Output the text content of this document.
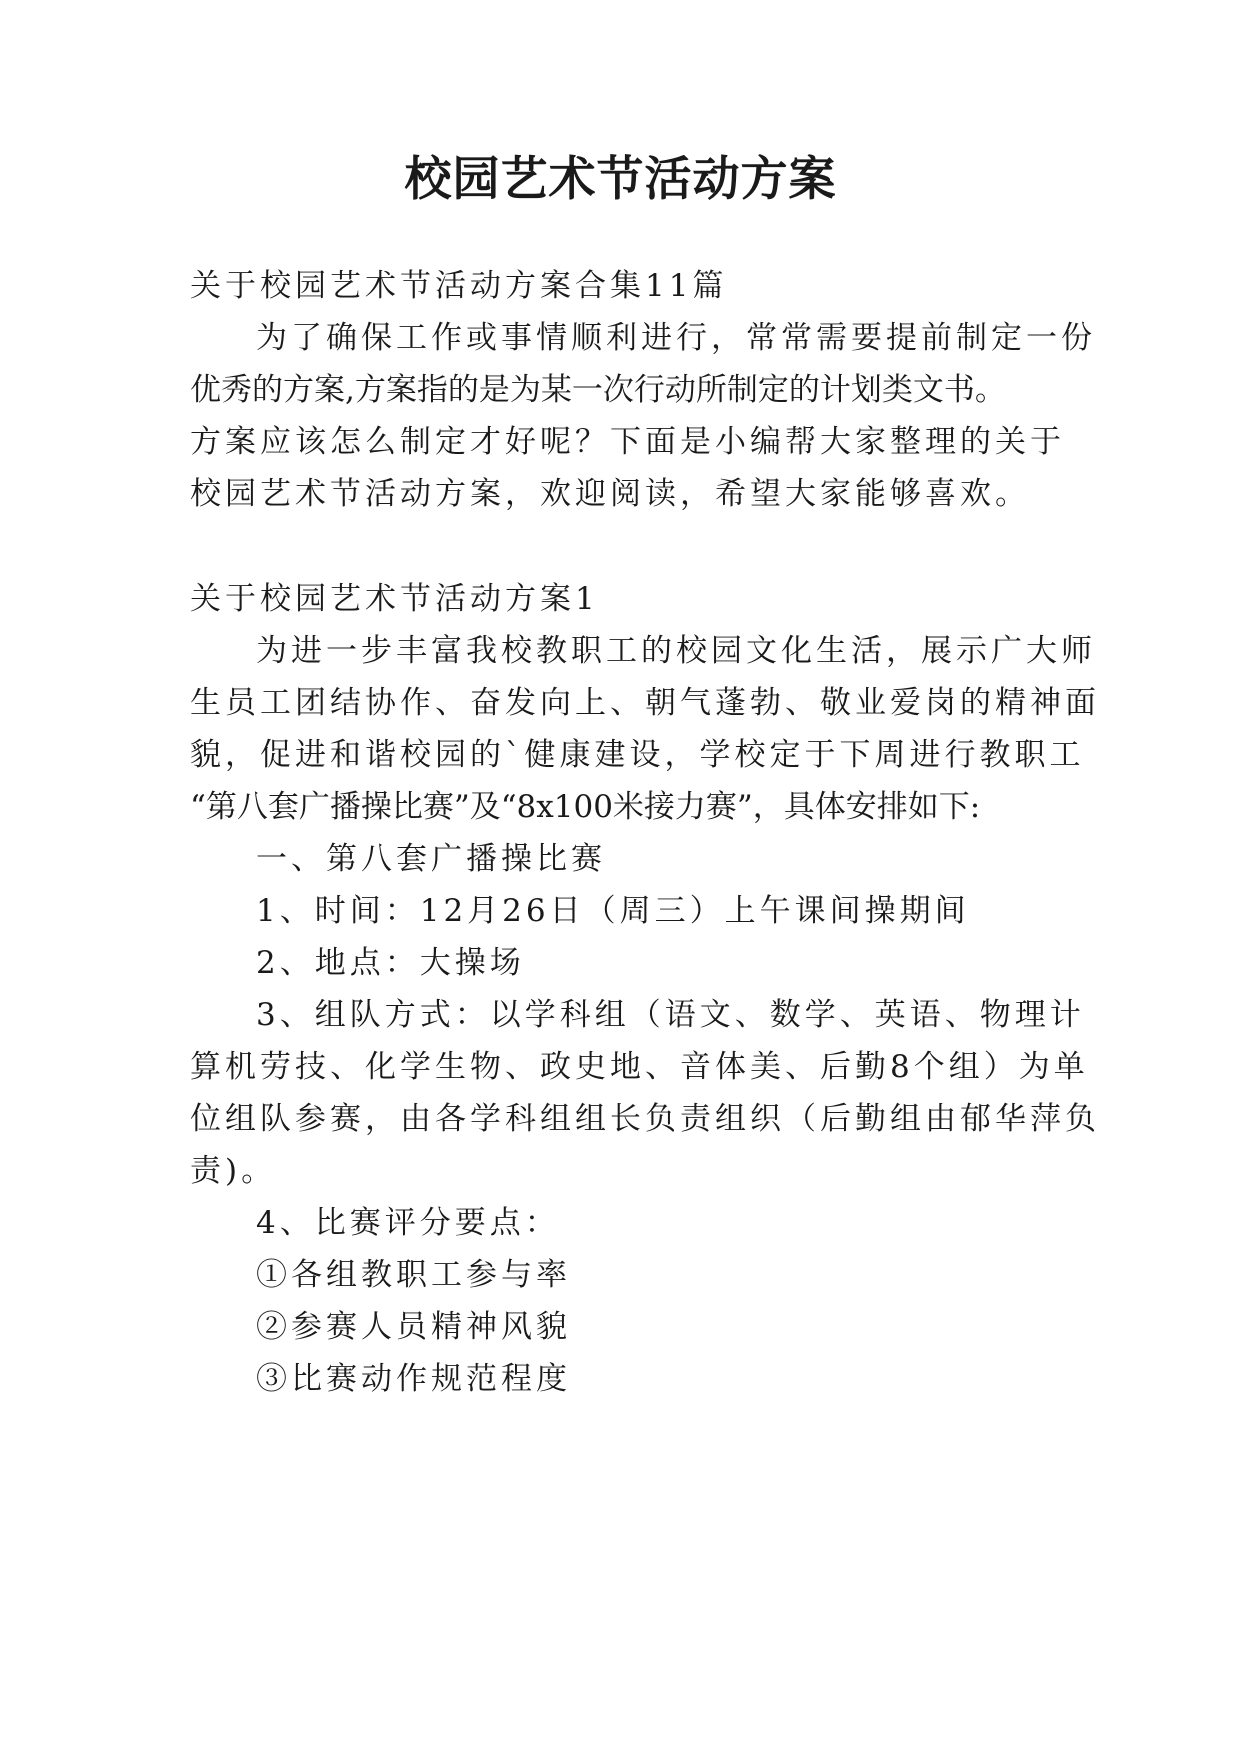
校园艺术节活动方案

关于校园艺术节活动方案合集11篇

为了确保工作或事情顺利进行，常常需要提前制定一份

优秀的方案,方案指的是为某一次行动所制定的计划类文书。

方案应该怎么制定才好呢？下面是小编帮大家整理的关于

校园艺术节活动方案，欢迎阅读，希望大家能够喜欢。

关于校园艺术节活动方案1

为进一步丰富我校教职工的校园文化生活，展示广大师

生员工团结协作、奋发向上、朝气蓬勃、敬业爱岗的精神面

貌，促进和谐校园的`健康建设，学校定于下周进行教职工

“第八套广播操比赛”及“8x100米接力赛”，具体安排如下:

一、第八套广播操比赛

1、时间：12月26日（周三）上午课间操期间

2、地点：大操场

3、组队方式：以学科组（语文、数学、英语、物理计

算机劳技、化学生物、政史地、音体美、后勤8个组）为单

位组队参赛，由各学科组组长负责组织（后勤组由郁华萍负

责)。

4、比赛评分要点：

①各组教职工参与率

②参赛人员精神风貌

③比赛动作规范程度
